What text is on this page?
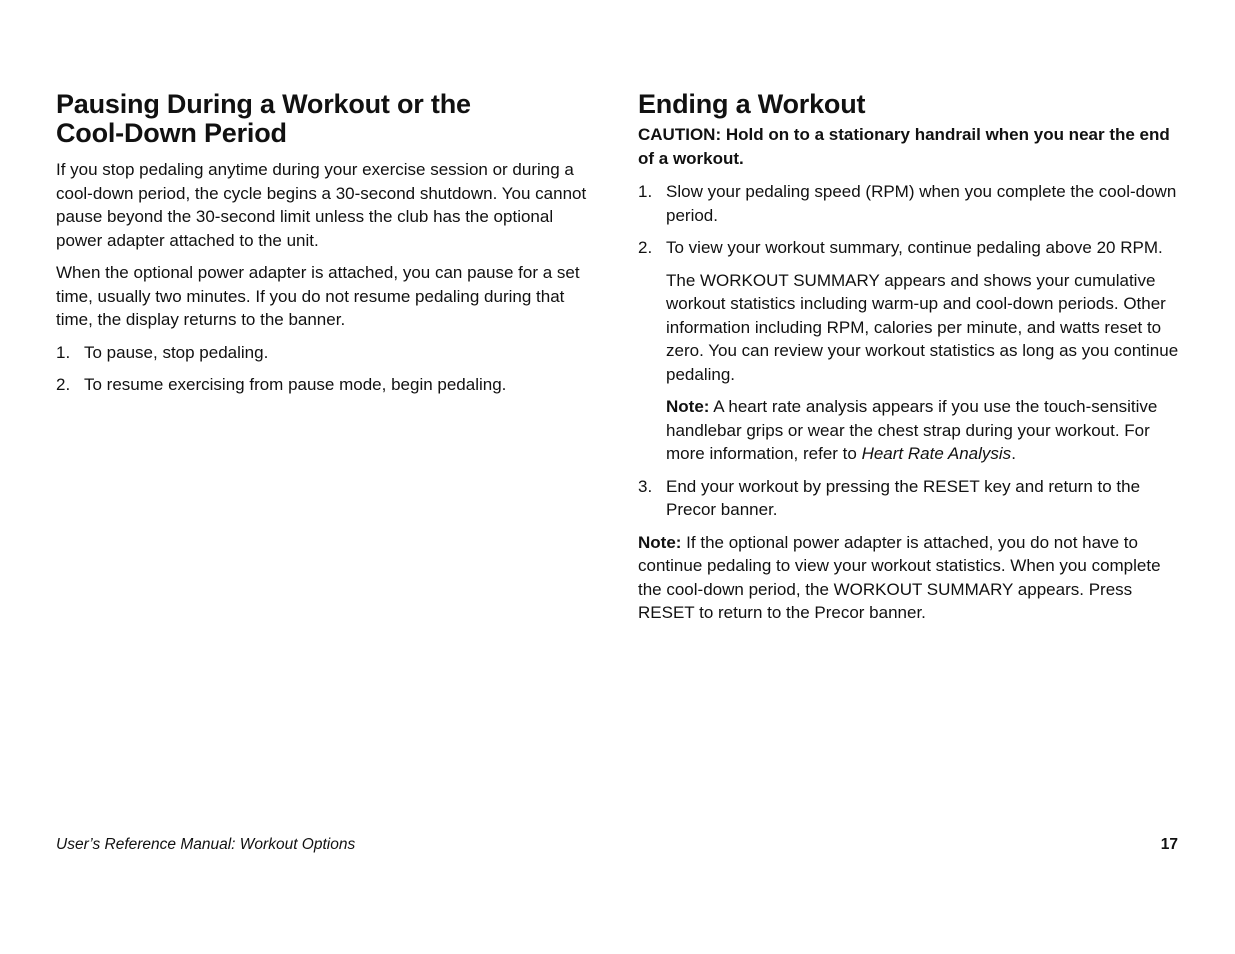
Pausing During a Workout or the
Cool-Down Period

If you stop pedaling anytime during your exercise session or during a cool-down period, the cycle begins a 30-second shutdown. You cannot pause beyond the 30-second limit unless the club has the optional power adapter attached to the unit.

When the optional power adapter is attached, you can pause for a set time, usually two minutes. If you do not resume pedaling during that time, the display returns to the banner.

1. To pause, stop pedaling.
2. To resume exercising from pause mode, begin pedaling.
Ending a Workout

CAUTION: Hold on to a stationary handrail when you near the end of a workout.

1. Slow your pedaling speed (RPM) when you complete the cool-down period.
2. To view your workout summary, continue pedaling above 20 RPM.

The WORKOUT SUMMARY appears and shows your cumulative workout statistics including warm-up and cool-down periods. Other information including RPM, calories per minute, and watts reset to zero. You can review your workout statistics as long as you continue pedaling.

Note: A heart rate analysis appears if you use the touch-sensitive handlebar grips or wear the chest strap during your workout. For more information, refer to Heart Rate Analysis.

3. End your workout by pressing the RESET key and return to the Precor banner.

Note: If the optional power adapter is attached, you do not have to continue pedaling to view your workout statistics. When you complete the cool-down period, the WORKOUT SUMMARY appears. Press RESET to return to the Precor banner.

User’s Reference Manual: Workout Options	17
